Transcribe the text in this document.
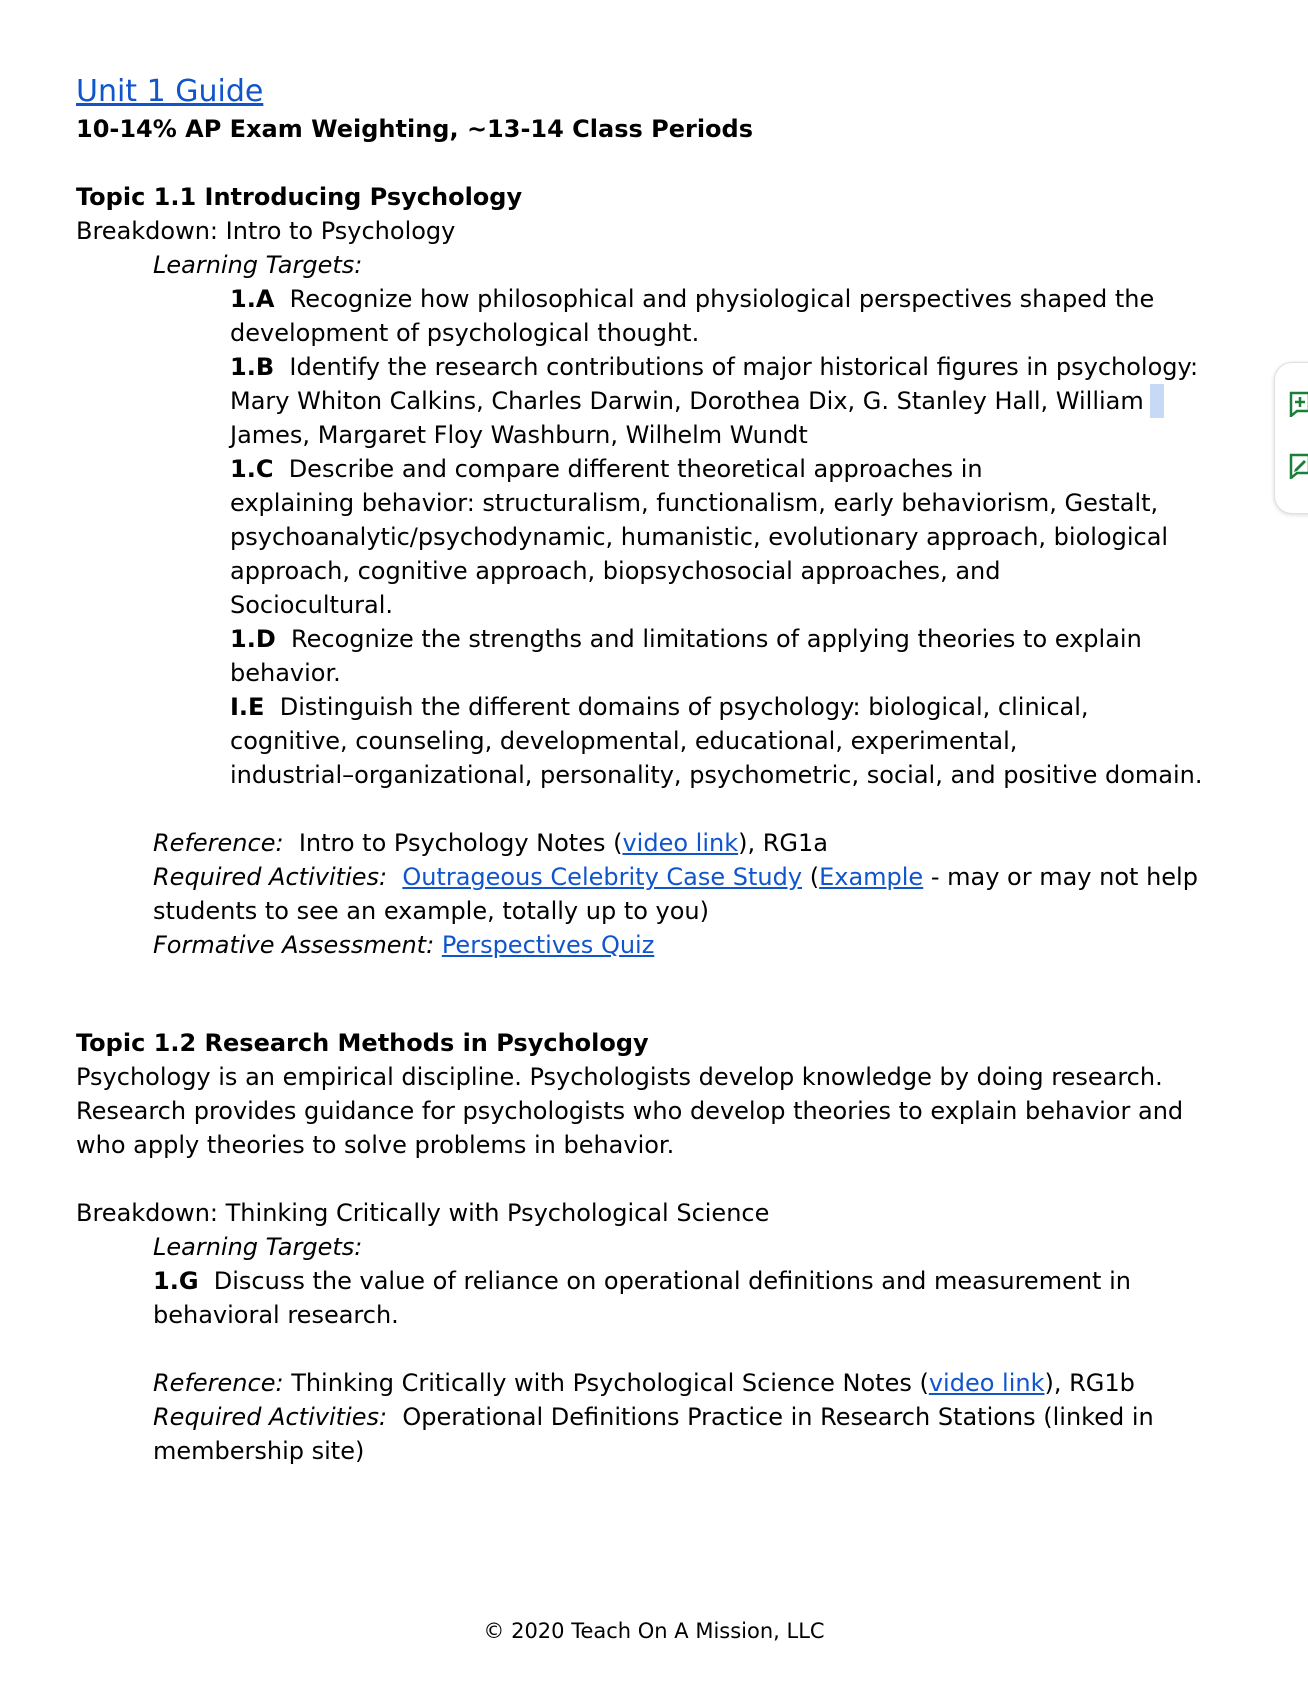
Unit 1 Guide

10-14% AP Exam Weighting, ~13-14 Class Periods

Topic 1.1 Introducing Psychology

Breakdown: Intro to Psychology

Learning Targets:

1.A Recognize how philosophical and physiological perspectives shaped the

development of psychological thought.

1.B Identify the research contributions of major historical figures in psychology:

Mary Whiton Calkins, Charles Darwin, Dorothea Dix, G. Stanley Hall, William

James, Margaret Floy Washburn, Wilhelm Wundt

1.C Describe and compare different theoretical approaches in

explaining behavior: structuralism, functionalism, early behaviorism, Gestalt,

psychoanalytic/psychodynamic, humanistic, evolutionary approach, biological

approach, cognitive approach, biopsychosocial approaches, and

Sociocultural.

1.D Recognize the strengths and limitations of applying theories to explain

behavior.

I.E Distinguish the different domains of psychology: biological, clinical,

cognitive, counseling, developmental, educational, experimental,

industrial–organizational, personality, psychometric, social, and positive domain.

Reference: Intro to Psychology Notes (video link), RG1a

Required Activities: Outrageous Celebrity Case Study (Example - may or may not help

students to see an example, totally up to you)

Formative Assessment: Perspectives Quiz

Topic 1.2 Research Methods in Psychology

Psychology is an empirical discipline. Psychologists develop knowledge by doing research.

Research provides guidance for psychologists who develop theories to explain behavior and

who apply theories to solve problems in behavior.

Breakdown: Thinking Critically with Psychological Science

Learning Targets:

1.G Discuss the value of reliance on operational definitions and measurement in

behavioral research.

Reference: Thinking Critically with Psychological Science Notes (video link), RG1b

Required Activities: Operational Definitions Practice in Research Stations (linked in

membership site)

© 2020 Teach On A Mission, LLC
